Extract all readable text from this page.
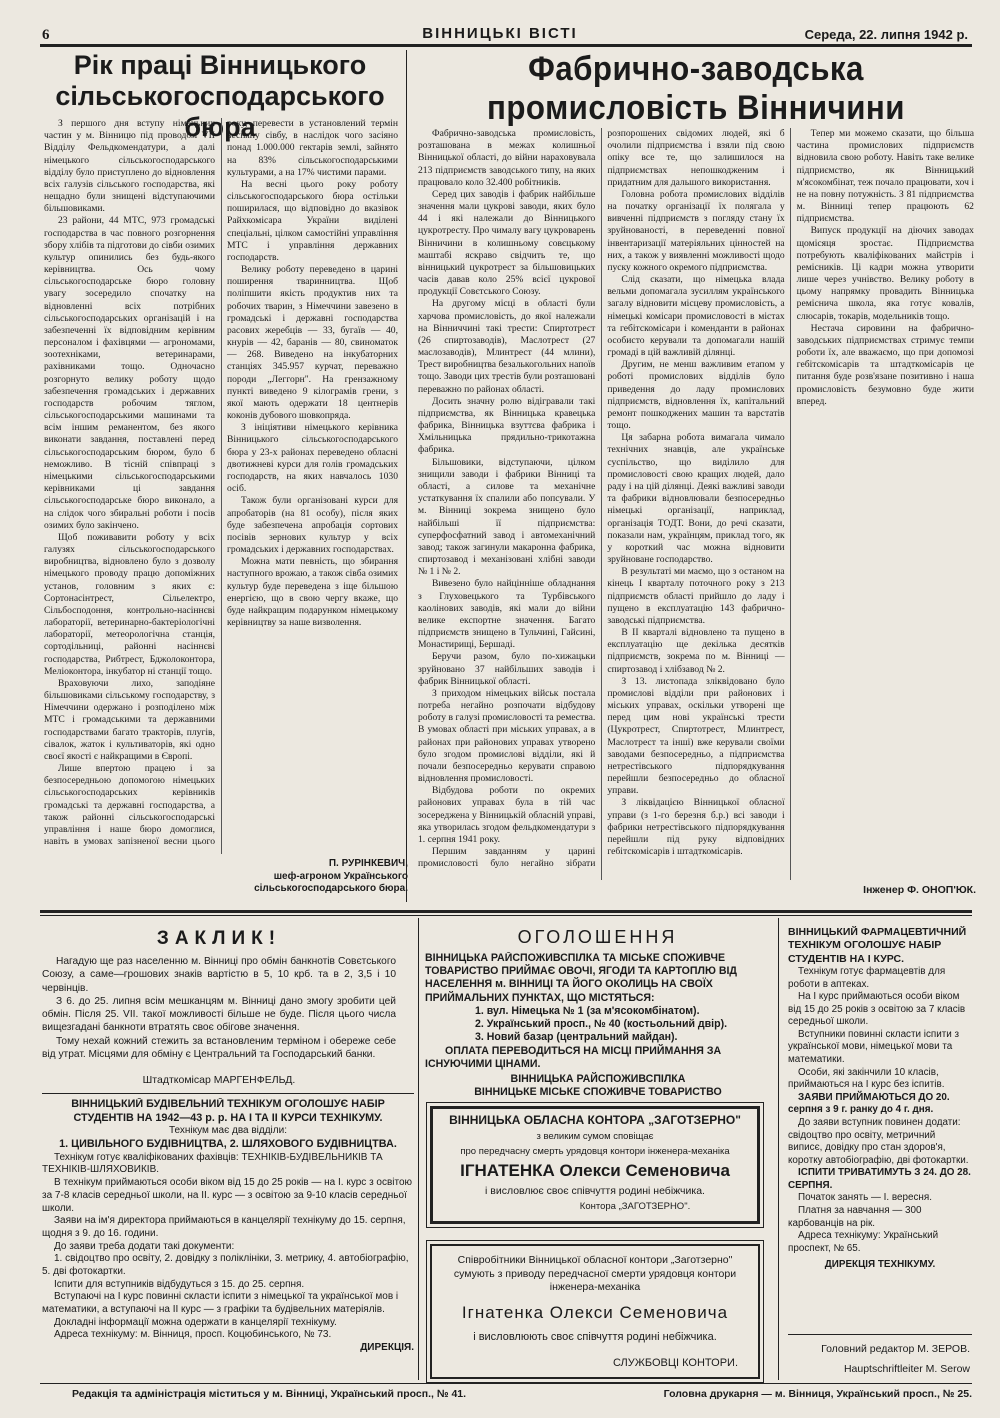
6	ВІННИЦЬКІ ВІСТІ	Середа, 22. липня 1942 р.
Рік праці Вінницького сільськогосподарського бюра

З першого дня вступу німецьких частин у м. Вінницю під проводом VII Відділу Фельдкомендатури, а далі німецького сільськогосподарського відділу було приступлено до відновлення всіх галузів сільського господарства, які нещадно були знищені відступаючими більшовиками.

23 райони, 44 МТС, 973 громадські господарства в час повного розгорнення збору хлібів та підготови до сівби озимих культур опинились без будь-якого керівництва. Ось чому сільськогосподарське бюро головну увагу зосередило спочатку на відновленні всіх потрібних сільськогосподарських організацій і на забезпеченні їх відповідним керівним персоналом і фахівцями — агрономами, зоотехніками, ветеринарами, рахівниками тощо. Одночасно розгорнуто велику роботу щодо забезпечення громадських і державних господарств робочим тяглом, сільськогосподарськими машинами та всім іншим реманентом, без якого виконати завдання, поставлені перед сільськогосподарським бюром, було б неможливо. В тісній співпраці з німецькими сільськогосподарськими керівниками ці завдання сільськогосподарське бюро виконало, а на слідок чого збиральні роботи і посів озимих було закінчено.

Щоб поживавити роботу у всіх галузях сільськогосподарського виробництва, відновлено було з дозволу німецького проводу працю допоміжних установ, головним з яких є: Сортонасінтрест, Сільелектро, Сільбосподоння, контрольно-насіннєві лабораторії, ветеринарно-бактеріологічні лабораторії, метеорологічна станція, сортодільниці, районні насіннєві господарства, Рибтрест, Бджолоконтора, Меліоконтора, інкубатор ні станції тощо.

Враховуючи лихо, заподіяне більшовиками сільському господарству, з Німеччини одержано і розподілено між МТС і громадськими та державними господарствами багато тракторів, плугів, сівалок, жаток і культиваторів, які одно своєї якості є найкращими в Європі.

Лише впертою працею і за безпосередньою допомогою німецьких сільськогосподарських керівників громадські та державні господарства, а також районні сільськогосподарські управління і наше бюро домоглися, навіть в умовах запізненої весни цього року, перевести в установлений термін весняну сівбу, в наслідок чого засіяно понад 1.000.000 гектарів землі, зайнято на 83% сільськогосподарськими культурами, а на 17% чистими парами.

На весні цього року роботу сільськогосподарського бюра остільки поширилася, що відповідно до вказівок Райхкомісара України виділені спеціальні, цілком самостійні управління МТС і управління державних господарств.

Велику роботу переведено в царині поширення тваринництва. Щоб поліпшити якість продуктив них та робочих тварин, з Німеччини завезено в громадські і державні господарства расових жеребців — 33, бугаїв — 40, кнурів — 42, баранів — 80, свиноматок — 268. Виведено на інкубаторних станціях 345.957 курчат, переважно породи „Леггорн". На грензажному пункті виведено 9 кілограмів грени, з якої мають одержати 18 центнерів коконів дубового шовкопряда.

З ініціятиви німецького керівника Вінницького сільськогосподарського бюра у 23-х районах переведено обласні двотижневі курси для голів громадських господарств, на яких навчалось 1030 осіб.

Також були організовані курси для апробаторів (на 81 особу), після яких буде забезпечена апробація сортових посівів зернових культур у всіх громадських і державних господарствах.

Можна мати певність, що збирання наступного врожаю, а також сівба озимих культур буде переведена з іще більшою енергією, що в свою чергу вкаже, що буде найкращим подарунком німецькому керівництву за наше визволення.

П. РУРІНКЕВИЧ,
шеф-агроном Українського сільськогосподарського бюра.
Фабрично-заводська промисловість Вінничини

Фабрично-заводська промисловість, розташована в межах колишньої Вінницької області, до війни нараховувала 213 підприємств заводського типу, на яких працювало коло 32.400 робітників.

Серед цих заводів і фабрик найбільше значення мали цукрові заводи, яких було 44 і які належали до Вінницького цукротресту. Про чималу вагу цукроварень Вінничини в колишньому совєцькому маштабі яскраво свідчить те, що вінницький цукротрест за більшовицьких часів давав коло 25% всієї цукрової продукції Совєтського Союзу.

На другому місці в області були харчова промисловість, до якої належали на Вінниччині такі трести: Спиртотрест (26 спиртозаводів), Маслотрест (27 маслозаводів), Млинтрест (44 млини), Трест виробництва безалькогольних напоїв тощо. Заводи цих трестів були розташовані переважно по районах області.

Досить значну ролю відігравали такі підприємства, як Вінницька кравецька фабрика, Вінницька взуттєва фабрика і Хмільницька прядильно-трикотажна фабрика.

Більшовики, відступаючи, цілком знищили заводи і фабрики Вінниці та області, а силове та механічне устаткування їх спалили або попсували. У м. Вінниці зокрема знищено було найбільші її підприємства: суперфосфатний завод і автомеханічний завод; також загинули макаронна фабрика, спиртозавод і механізовані хлібні заводи № 1 і № 2.

Вивезено було найцінніше обладнання з Глуховецького та Турбівського каолінових заводів, які мали до війни велике експортне значення. Багато підприємств знищено в Тульчині, Гайсині, Монастирищі, Бершаді.

Беручи разом, було по-хижацьки зруйновано 37 найбільших заводів і фабрик Вінницької області.

З приходом німецьких військ постала потреба негайно розпочати відбудову роботу в галузі промисловості та ремества. В умовах області при міських управах, а в районах при районових управах утворено було згодом промислові відділи, які й почали безпосередньо керувати справою відновлення промисловості.

Відбудова роботи по окремих районових управах була в тій час зосереджена у Вінницькій обласній управі, яка утворилась згодом фельдкомендатури з 1. серпня 1941 року.

Першим завданням у царині промисловості було негайно зібрати розпорошених свідомих людей, які б очолили підприємства і взяли під свою опіку все те, що залишилося на підприємствах непошкодженим і придатним для дальшого використання.

Головна робота промислових відділів на початку організації їх полягала у вивченні підприємств з погляду стану їх зруйнованості, в переведенні повної інвентаризації матеріяльних цінностей на них, а також у виявленні можливості щодо пуску кожного окремого підприємства.

Слід сказати, що німецька влада вельми допомагала зусиллям українського загалу відновити місцеву промисловість, а німецькі комісари промисловості в містах та гебітскомісари і коменданти в районах особисто керували та допомагали нашій громаді в цій важливій ділянці.

Другим, не менш важливим етапом у роботі промислових відділів було приведення до ладу промислових підприємств, відновлення їх, капітальний ремонт пошкоджених машин та варстатів тощо.

Ця забарна робота вимагала чимало технічних знавців, але українське суспільство, що виділило для промисловості свою кращих людей, дало раду і на цій ділянці. Деякі важливі заводи та фабрики відновлювали безпосередньо німецькі організації, наприклад, організація ТОДТ. Вони, до речі сказати, показали нам, українцям, приклад того, як у короткий час можна відновити зруйноване господарство.

В результаті ми маємо, що з останом на кінець І кварталу поточного року з 213 підприємств області прийшло до ладу і пущено в експлуатацію 143 фабрично-заводські підприємства.

В II кварталі відновлено та пущено в експлуатацію ще декілька десятків підприємств, зокрема по м. Вінниці — спиртозавод і хлібзавод № 2.

З 13. листопада зліквідовано було промислові відділи при районових і міських управах, оскільки утворені ще перед цим нові українські трести (Цукротрест, Спиртотрест, Млинтрест, Маслотрест та інші) вже керували своїми заводами безпосередньо, а підприємства нетрестівського підпорядкування перейшли безпосередньо до обласної управи.

З ліквідацією Вінницької обласної управи (з 1-го березня б.р.) всі заводи і фабрики нетрестівського підпорядкування перейшли під руку відповідних гебітскомісарів і штадткомісарів.

Тепер ми можемо сказати, що більша частина промислових підприємств відновила свою роботу. Навіть таке велике підприємство, як Вінницький м'ясокомбінат, теж почало працювати, хоч і не на повну потужність. З 81 підприємства м. Вінниці тепер працюють 62 підприємства.

Випуск продукції на діючих заводах щомісяця зростає. Підприємства потребують кваліфікованих майстрів і ремісників. Ці кадри можна утворити лише через учнівство. Велику роботу в цьому напрямку провадить Вінницька ремісничa школа, яка готує ковалів, слюсарів, токарів, модельників тощо.

Нестача сировини на фабрично-заводських підприємствах стримує темпи роботи їх, але вважаємо, що при допомозі гебітскомісарів та штадткомісарів це питання буде розв'язане позитивно і наша промисловість безумовно буде жити вперед.

Інженер Ф. ОНОП'ЮК.
ЗАКЛИК!

Нагадую ще раз населенню м. Вінниці про обмін банкнотів Совєтського Союзу, а саме—грошових знаків вартістю в 5, 10 крб. та в 2, 3,5 і 10 червінців.

З 6. до 25. липня всім мешканцям м. Вінниці дано змогу зробити цей обмін. Після 25. VII. такої можливості більше не буде. Після цього числа вищезгадані банкноти втратять своє обігове значення.

Тому нехай кожний стежить за встановленим терміном і обереже себе від утрат. Місцями для обміну є Центральний та Господарський банки.

Штадткомісар МАРГЕНФЕЛЬД.

ВІННИЦЬКИЙ БУДІВЕЛЬНИЙ ТЕХНІКУМ ОГОЛОШУЄ НАБІР СТУДЕНТІВ НА 1942—43 р. р. НА І ТА ІІ КУРСИ ТЕХНІКУМУ.

Технікум має два відділи:

1. ЦИВІЛЬНОГО БУДІВНИЦТВА, 2. ШЛЯХОВОГО БУДІВНИЦТВА.

Технікум готує кваліфікованих фахівців: ТЕХНІКІВ-БУДІВЕЛЬНИКІВ ТА ТЕХНІКІВ-ШЛЯХОВИКІВ.

В технікум приймаються особи віком від 15 до 25 років — на І. курс з освітою за 7-8 класів середньої школи, на ІІ. курс — з освітою за 9-10 класів середньої школи.

Заяви на ім'я директора приймаються в канцелярії технікуму до 15. серпня, щодня з 9. до 16. години.

До заяви треба додати такі документи:

1. свідоцтво про освіту, 2. довідку з поліклініки, 3. метрику, 4. автобіографію, 5. дві фотокартки.

Іспити для вступників відбудуться з 15. до 25. серпня.

Вступаючі на І курс повинні скласти іспити з німецької та української мов і математики, а вступаючі на ІІ курс — з графіки та будівельних матеріялів.

Докладні інформації можна одержати в канцелярії технікуму.

Адреса технікуму: м. Вінниця, просп. Коцюбинського, № 73.

ДИРЕКЦІЯ.

ОГОЛОШЕННЯ
ВІННИЦЬКА РАЙСПОЖИВСПІЛКА ТА МІСЬКЕ СПОЖИВЧЕ ТОВАРИСТВО ПРИЙМАЄ ОВОЧІ, ЯГОДИ ТА КАРТОПЛЮ ВІД НАСЕЛЕННЯ м. ВІННИЦІ ТА ЙОГО ОКОЛИЦЬ НА СВОЇХ ПРИЙМАЛЬНИХ ПУНКТАХ, ЩО МІСТЯТЬСЯ:
1. вул. Німецька № 1 (за м'ясокомбінатом).
2. Український просп., № 40 (костьольний двір).
3. Новий базар (центральний майдан).
ОПЛАТА ПЕРЕВОДИТЬСЯ НА МІСЦІ ПРИЙМАННЯ ЗА ІСНУЮЧИМИ ЦІНАМИ.
ВІННИЦЬКА РАЙСПОЖИВСПІЛКА
ВІННИЦЬКЕ МІСЬКЕ СПОЖИВЧЕ ТОВАРИСТВО
ВІННИЦЬКА ОБЛАСНА КОНТОРА „ЗАГОТЗЕРНО"
з великим сумом сповіщає
про передчасну смерть урядовця контори інженера-механіка
ІГНАТЕНКА Олекси Семеновича
і висловлює своє співчуття родині небіжчика.
Контора „ЗАГОТЗЕРНО".
Співробітники Вінницької обласної контори „Заготзерно" сумують з приводу передчасної смерти урядовця контори інженера-механіка
Ігнатенка Олекси Семеновича
і висловлюють своє співчуття родині небіжчика.
СЛУЖБОВЦІ КОНТОРИ.

ВІННИЦЬКИЙ ФАРМАЦЕВТИЧНИЙ ТЕХНІКУМ ОГОЛОШУЄ НАБІР СТУДЕНТІВ НА І КУРС.

Технікум готує фармацевтів для роботи в аптеках.

На І курс приймаються особи віком від 15 до 25 років з освітою за 7 класів середньої школи.

Вступники повинні скласти іспити з української мови, німецької мови та математики.

Особи, які закінчили 10 класів, приймаються на І курс без іспитів.

ЗАЯВИ ПРИЙМАЮТЬСЯ ДО 20. серпня з 9 г. ранку до 4 г. дня.

До заяви вступник повинен додати: свідоцтво про освіту, метричний виписє, довідку про стан здоров'я, коротку автобіографію, дві фотокартки.

ІСПИТИ ТРИВАТИМУТЬ З 24. ДО 28. СЕРПНЯ.

Початок занять — І. вересня.

Платня за навчання — 300 карбованців на рік.

Адреса технікуму: Український проспект, № 65.

ДИРЕКЦІЯ ТЕХНІКУМУ.

Головний редактор М. ЗЕРОВ.
Hauptschriftleiter M. Serow
Редакція та адміністрація міститься у м. Вінниці, Український просп., № 41.	Головна друкарня — м. Вінниця, Український просп., № 25.
